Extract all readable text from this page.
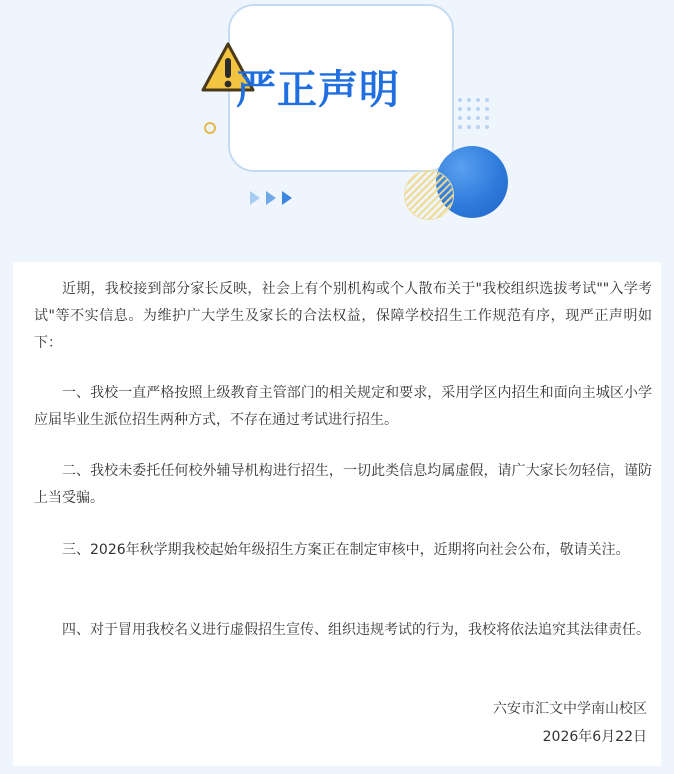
严正声明

近期，我校接到部分家长反映，社会上有个别机构或个人散布关于"我校组织选拔考试""入学考试"等不实信息。为维护广大学生及家长的合法权益，保障学校招生工作规范有序，现严正声明如下：

一、我校一直严格按照上级教育主管部门的相关规定和要求，采用学区内招生和面向主城区小学应届毕业生派位招生两种方式，不存在通过考试进行招生。

二、我校未委托任何校外辅导机构进行招生，一切此类信息均属虚假，请广大家长勿轻信，谨防上当受骗。

三、2026年秋学期我校起始年级招生方案正在制定审核中，近期将向社会公布，敬请关注。

四、对于冒用我校名义进行虚假招生宣传、组织违规考试的行为，我校将依法追究其法律责任。

六安市汇文中学南山校区

2026年6月22日
